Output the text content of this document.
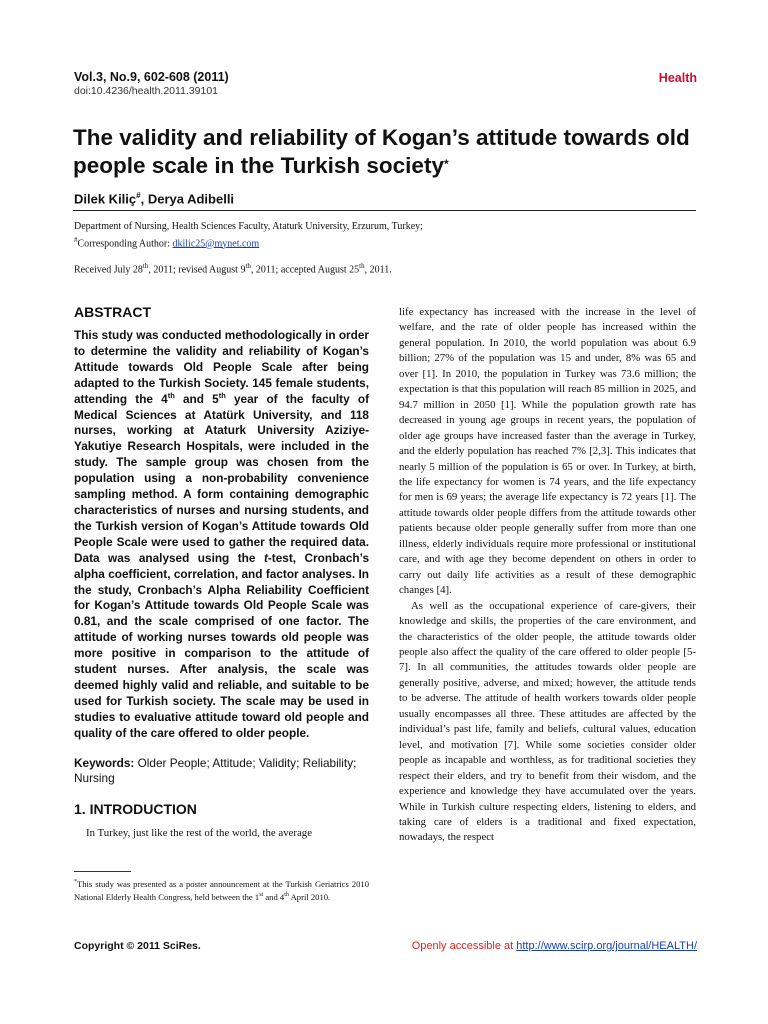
Vol.3, No.9, 602-608 (2011)
doi:10.4236/health.2011.39101
Health
The validity and reliability of Kogan’s attitude towards old people scale in the Turkish society*
Dilek Kiliç#, Derya Adibelli
Department of Nursing, Health Sciences Faculty, Ataturk University, Erzurum, Turkey;
#Corresponding Author: dkilic25@mynet.com
Received July 28th, 2011; revised August 9th, 2011; accepted August 25th, 2011.
ABSTRACT

This study was conducted methodologically in order to determine the validity and reliability of Kogan’s Attitude towards Old People Scale after being adapted to the Turkish Society. 145 female students, attending the 4th and 5th year of the faculty of Medical Sciences at Atatürk University, and 118 nurses, working at Ataturk University Aziziye-Yakutiye Research Hospitals, were included in the study. The sample group was chosen from the population using a non-probability convenience sampling method. A form containing demographic characteristics of nurses and nursing students, and the Turkish version of Kogan’s Attitude towards Old People Scale were used to gather the required data. Data was analysed using the t-test, Cronbach’s alpha coefficient, correlation, and factor analyses. In the study, Cronbach’s Alpha Reliability Coefficient for Kogan’s Attitude towards Old People Scale was 0.81, and the scale comprised of one factor. The attitude of working nurses towards old people was more positive in comparison to the attitude of student nurses. After analysis, the scale was deemed highly valid and reliable, and suitable to be used for Turkish society. The scale may be used in studies to evaluative attitude toward old people and quality of the care offered to older people.

Keywords: Older People; Attitude; Validity; Reliability; Nursing

1. INTRODUCTION

In Turkey, just like the rest of the world, the average

*This study was presented as a poster announcement at the Turkish Geriatrics 2010 National Elderly Health Congress, held between the 1st and 4th April 2010.

life expectancy has increased with the increase in the level of welfare, and the rate of older people has increased within the general population. In 2010, the world population was about 6.9 billion; 27% of the population was 15 and under, 8% was 65 and over [1]. In 2010, the population in Turkey was 73.6 million; the expectation is that this population will reach 85 million in 2025, and 94.7 million in 2050 [1]. While the population growth rate has decreased in young age groups in recent years, the population of older age groups have increased faster than the average in Turkey, and the elderly population has reached 7% [2,3]. This indicates that nearly 5 million of the population is 65 or over. In Turkey, at birth, the life expectancy for women is 74 years, and the life expectancy for men is 69 years; the average life expectancy is 72 years [1]. The attitude towards older people differs from the attitude towards other patients because older people generally suffer from more than one illness, elderly individuals require more professional or institutional care, and with age they become dependent on others in order to carry out daily life activities as a result of these demographic changes [4].

As well as the occupational experience of care-givers, their knowledge and skills, the properties of the care environment, and the characteristics of the older people, the attitude towards older people also affect the quality of the care offered to older people [5-7]. In all communities, the attitudes towards older people are generally positive, adverse, and mixed; however, the attitude tends to be adverse. The attitude of health workers towards older people usually encompasses all three. These attitudes are affected by the individual’s past life, family and beliefs, cultural values, education level, and motivation [7]. While some societies consider older people as incapable and worthless, as for traditional societies they respect their elders, and try to benefit from their wisdom, and the experience and knowledge they have accumulated over the years. While in Turkish culture respecting elders, listening to elders, and taking care of elders is a traditional and fixed expectation, nowadays, the respect

Copyright © 2011 SciRes.	Openly accessible at http://www.scirp.org/journal/HEALTH/
